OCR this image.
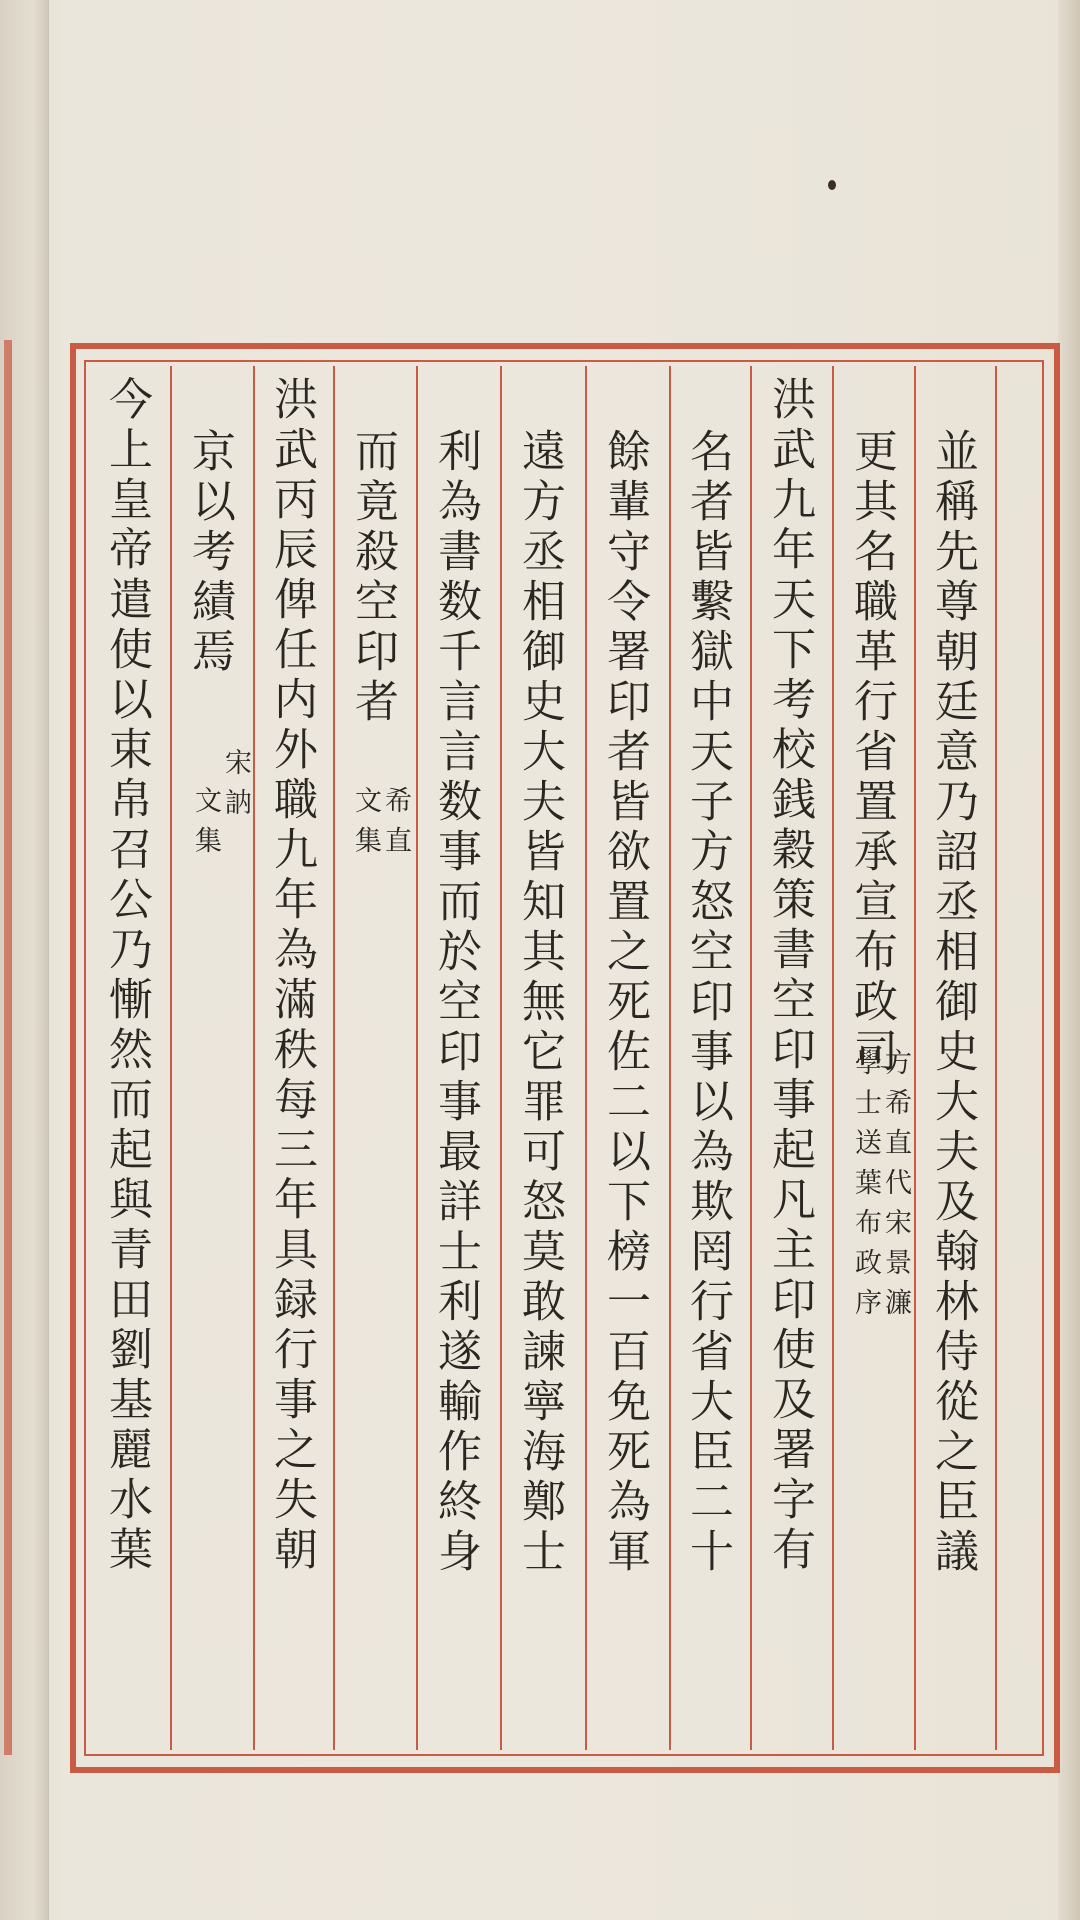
並稱先尊朝廷意乃詔丞相御史大夫及翰林侍從之臣議
更其名職革行省置承宣布政司
洪武九年天下考校銭穀策書空印事起凡主印使及署字有
名者皆繫獄中天子方怒空印事以為欺罔行省大臣二十
餘輩守令署印者皆欲置之死佐二以下榜一百免死為軍
遠方丞相御史大夫皆知其無它罪可怒莫敢諫寧海鄭士
利為書数千言言数事而於空印事最詳士利遂輸作終身
而竟殺空印者
洪武丙辰俾任内外職九年為滿秩每三年具録行事之失朝
京以考績焉
今上皇帝遣使以束帛召公乃慚然而起與青田劉基麗水葉	方希直代宋景濂
學士送葉布政序
希直
文集
宋訥
文集
